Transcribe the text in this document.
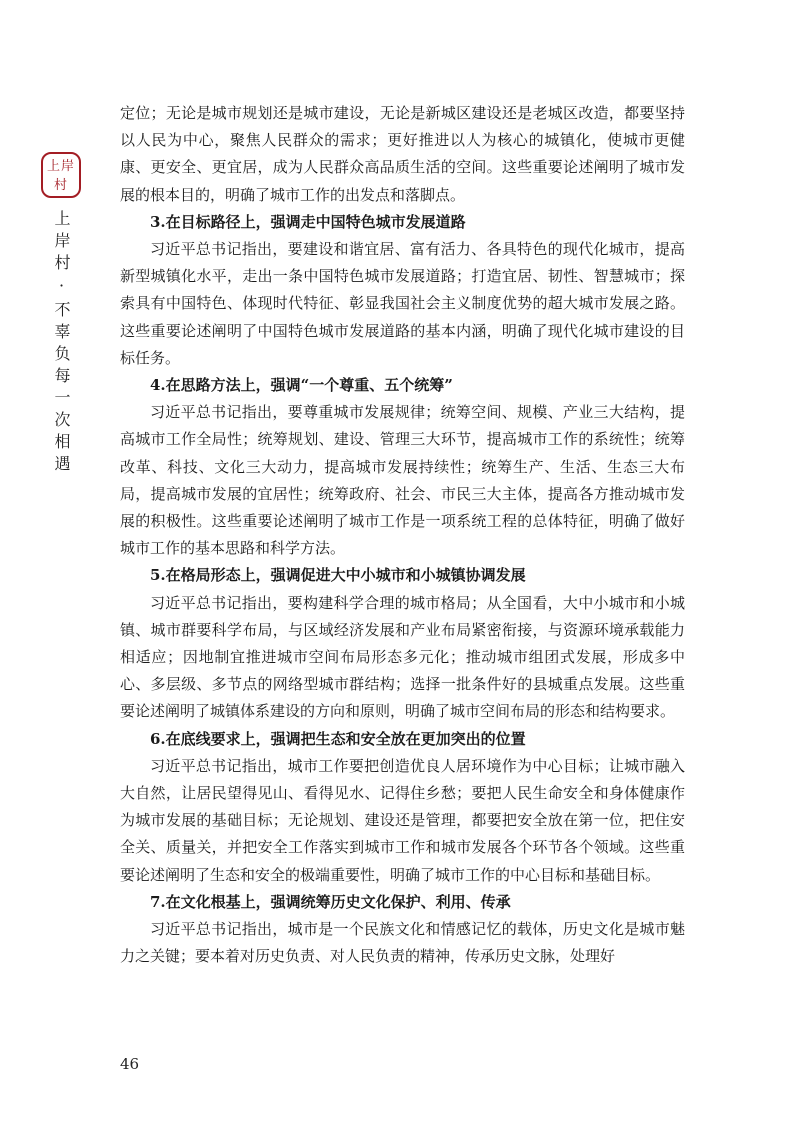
上岸
村
上岸村·不辜负每一次相遇

定位；无论是城市规划还是城市建设，无论是新城区建设还是老城区改造，都要坚持以人民为中心，聚焦人民群众的需求；更好推进以人为核心的城镇化，使城市更健康、更安全、更宜居，成为人民群众高品质生活的空间。这些重要论述阐明了城市发展的根本目的，明确了城市工作的出发点和落脚点。

3.在目标路径上，强调走中国特色城市发展道路

习近平总书记指出，要建设和谐宜居、富有活力、各具特色的现代化城市，提高新型城镇化水平，走出一条中国特色城市发展道路；打造宜居、韧性、智慧城市；探索具有中国特色、体现时代特征、彰显我国社会主义制度优势的超大城市发展之路。这些重要论述阐明了中国特色城市发展道路的基本内涵，明确了现代化城市建设的目标任务。

4.在思路方法上，强调“一个尊重、五个统筹”

习近平总书记指出，要尊重城市发展规律；统筹空间、规模、产业三大结构，提高城市工作全局性；统筹规划、建设、管理三大环节，提高城市工作的系统性；统筹改革、科技、文化三大动力，提高城市发展持续性；统筹生产、生活、生态三大布局，提高城市发展的宜居性；统筹政府、社会、市民三大主体，提高各方推动城市发展的积极性。这些重要论述阐明了城市工作是一项系统工程的总体特征，明确了做好城市工作的基本思路和科学方法。

5.在格局形态上，强调促进大中小城市和小城镇协调发展

习近平总书记指出，要构建科学合理的城市格局；从全国看，大中小城市和小城镇、城市群要科学布局，与区域经济发展和产业布局紧密衔接，与资源环境承载能力相适应；因地制宜推进城市空间布局形态多元化；推动城市组团式发展，形成多中心、多层级、多节点的网络型城市群结构；选择一批条件好的县城重点发展。这些重要论述阐明了城镇体系建设的方向和原则，明确了城市空间布局的形态和结构要求。

6.在底线要求上，强调把生态和安全放在更加突出的位置

习近平总书记指出，城市工作要把创造优良人居环境作为中心目标；让城市融入大自然，让居民望得见山、看得见水、记得住乡愁；要把人民生命安全和身体健康作为城市发展的基础目标；无论规划、建设还是管理，都要把安全放在第一位，把住安全关、质量关，并把安全工作落实到城市工作和城市发展各个环节各个领域。这些重要论述阐明了生态和安全的极端重要性，明确了城市工作的中心目标和基础目标。

7.在文化根基上，强调统筹历史文化保护、利用、传承

习近平总书记指出，城市是一个民族文化和情感记忆的载体，历史文化是城市魅力之关键；要本着对历史负责、对人民负责的精神，传承历史文脉，处理好

46
